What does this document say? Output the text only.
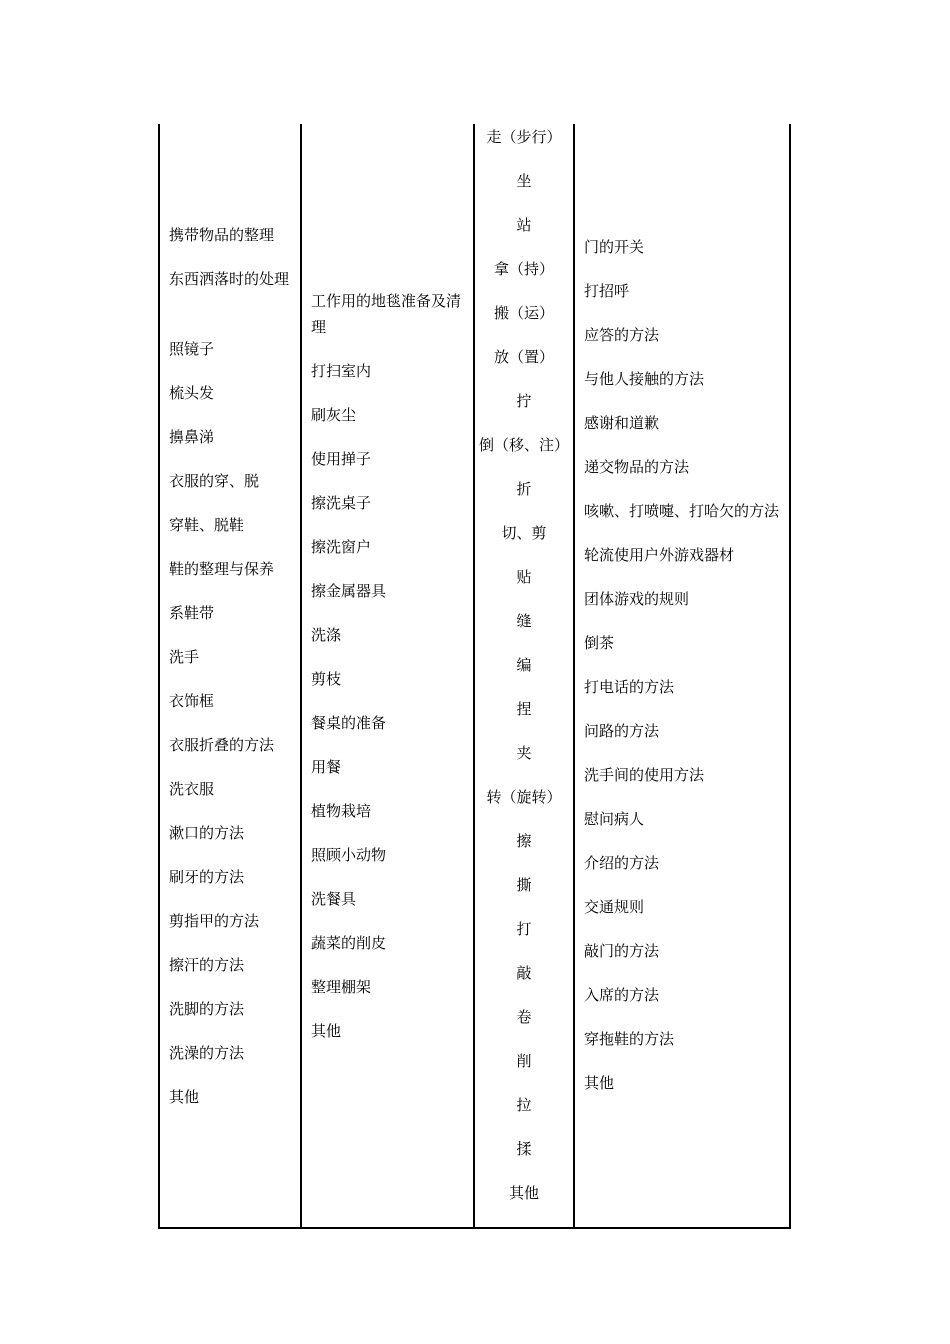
携带物品的整理
东西洒落时的处理
照镜子
梳头发
擤鼻涕
衣服的穿、脱
穿鞋、脱鞋
鞋的整理与保养
系鞋带
洗手
衣饰框
衣服折叠的方法
洗衣服
漱口的方法
刷牙的方法
剪指甲的方法
擦汗的方法
洗脚的方法
洗澡的方法
其他
工作用的地毯准备及清理
打扫室内
刷灰尘
使用掸子
擦洗桌子
擦洗窗户
擦金属器具
洗涤
剪枝
餐桌的准备
用餐
植物栽培
照顾小动物
洗餐具
蔬菜的削皮
整理棚架
其他
走（步行）
坐
站
拿（持）
搬（运）
放（置）
拧
倒（移、注）
折
切、剪
贴
缝
编
捏
夹
转（旋转）
擦
撕
打
敲
卷
削
拉
揉
其他
门的开关
打招呼
应答的方法
与他人接触的方法
感谢和道歉
递交物品的方法
咳嗽、打喷嚏、打哈欠的方法
轮流使用户外游戏器材
团体游戏的规则
倒茶
打电话的方法
问路的方法
洗手间的使用方法
慰问病人
介绍的方法
交通规则
敲门的方法
入席的方法
穿拖鞋的方法
其他
